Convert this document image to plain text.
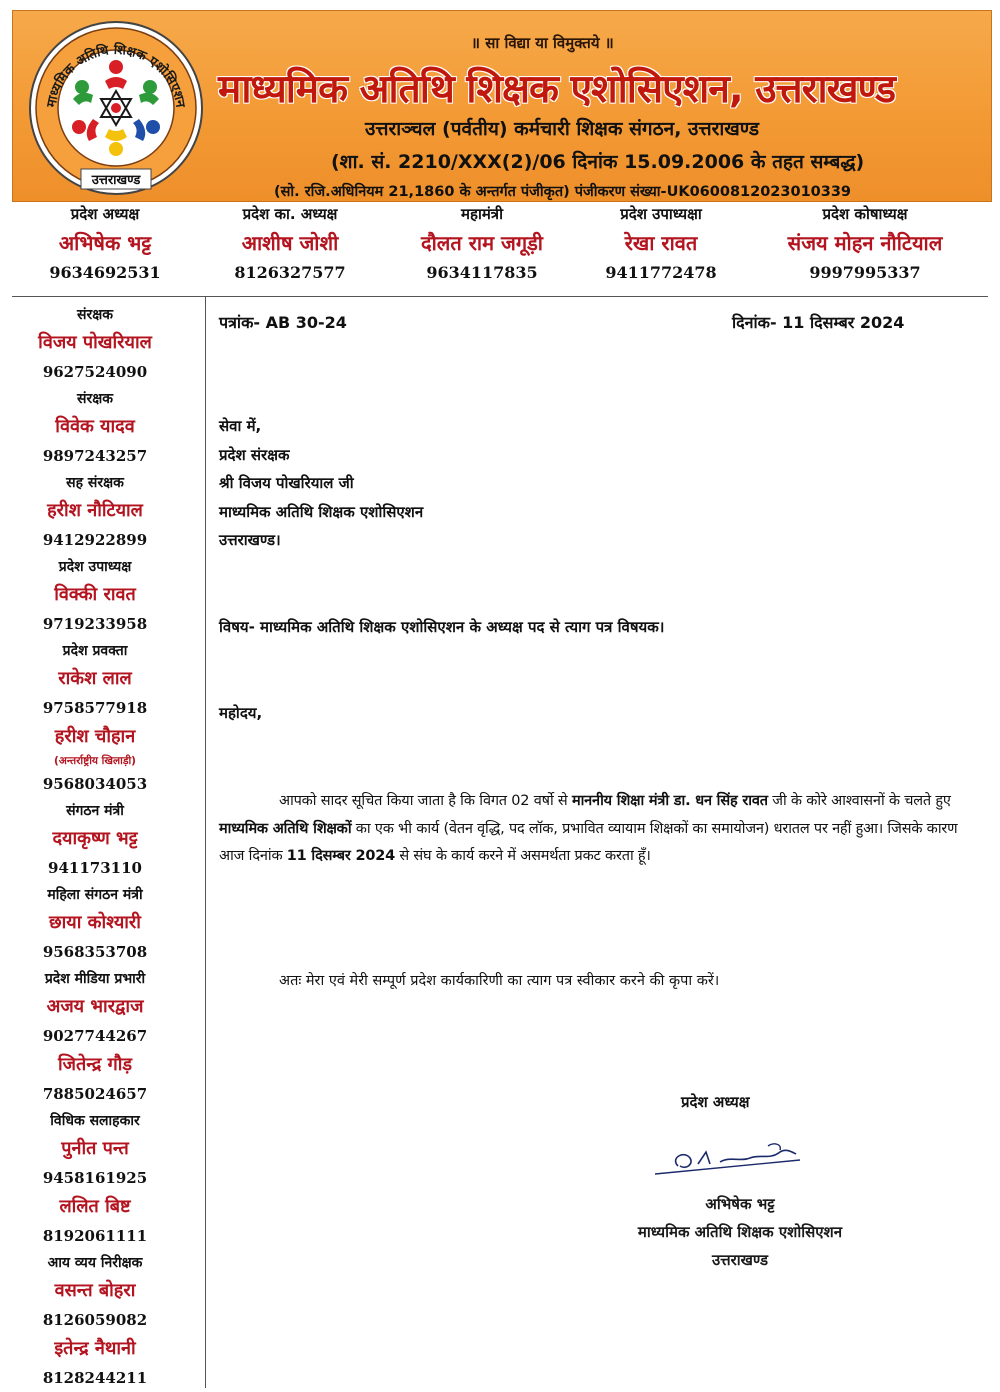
माध्यमिक अतिथि शिक्षक एशोसिएशन
उत्तराखण्ड
॥ सा विद्या या विमुक्तये ॥
माध्यमिक अतिथि शिक्षक एशोसिएशन, उत्तराखण्ड
उत्तराञ्चल (पर्वतीय) कर्मचारी शिक्षक संगठन, उत्तराखण्ड
(शा. सं. 2210/XXX(2)/06 दिनांक 15.09.2006 के तहत सम्बद्ध)
(सो. रजि.अधिनियम 21,1860 के अन्तर्गत पंजीकृत) पंजीकरण संख्या-UK0600812023010339
प्रदेश अध्यक्ष
अभिषेक भट्ट
9634692531
प्रदेश का. अध्यक्ष
आशीष जोशी
8126327577
महामंत्री
दौलत राम जगूड़ी
9634117835
प्रदेश उपाध्यक्षा
रेखा रावत
9411772478
प्रदेश कोषाध्यक्ष
संजय मोहन नौटियाल
9997995337
संरक्षक
विजय पोखरियाल
9627524090
संरक्षक
विवेक यादव
9897243257
सह संरक्षक
हरीश नौटियाल
9412922899
प्रदेश उपाध्यक्ष
विक्की रावत
9719233958
प्रदेश प्रवक्ता
राकेश लाल
9758577918
हरीश चौहान
(अन्तर्राष्ट्रीय खिलाड़ी)
9568034053
संगठन मंत्री
दयाकृष्ण भट्ट
941173110
महिला संगठन मंत्री
छाया कोश्यारी
9568353708
प्रदेश मीडिया प्रभारी
अजय भारद्वाज
9027744267
जितेन्द्र गौड़
7885024657
विधिक सलाहकार
पुनीत पन्त
9458161925
ललित बिष्ट
8192061111
आय व्यय निरीक्षक
वसन्त बोहरा
8126059082
इतेन्द्र नैथानी
8128244211
पत्रांक- AB 30-24	दिनांक- 11 दिसम्बर 2024
सेवा में,
प्रदेश संरक्षक
श्री विजय पोखरियाल जी
माध्यमिक अतिथि शिक्षक एशोसिएशन
उत्तराखण्ड।
विषय- माध्यमिक अतिथि शिक्षक एशोसिएशन के अध्यक्ष पद से त्याग पत्र विषयक।
महोदय,
आपको सादर सूचित किया जाता है कि विगत 02 वर्षो से माननीय शिक्षा मंत्री डा. धन सिंह रावत जी के कोरे आश्वासनों के चलते हुए माध्यमिक अतिथि शिक्षकों का एक भी कार्य (वेतन वृद्धि, पद लॉक, प्रभावित व्यायाम शिक्षकों का समायोजन) धरातल पर नहीं हुआ। जिसके कारण आज दिनांक 11 दिसम्बर 2024 से संघ के कार्य करने में असमर्थता प्रकट करता हूँ।
अतः मेरा एवं मेरी सम्पूर्ण प्रदेश कार्यकारिणी का त्याग पत्र स्वीकार करने की कृपा करें।
प्रदेश अध्यक्ष
अभिषेक भट्ट
माध्यमिक अतिथि शिक्षक एशोसिएशन
उत्तराखण्ड
